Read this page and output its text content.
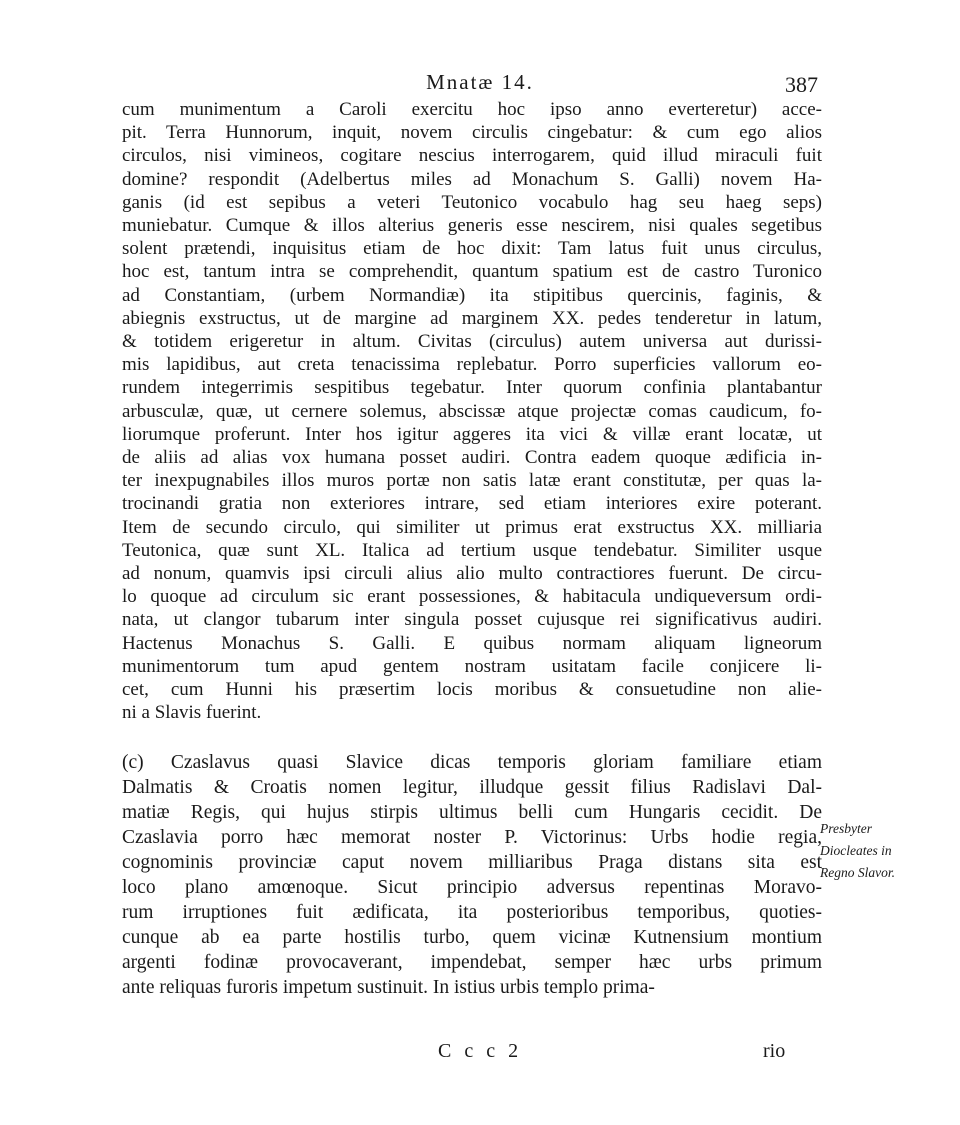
Mnatæ 14.	387
cum munimentum a Caroli exercitu hoc ipso anno everteretur) acce-
pit. Terra Hunnorum, inquit, novem circulis cingebatur: & cum ego alios
circulos, nisi vimineos, cogitare nescius interrogarem, quid illud miraculi fuit
domine? respondit (Adelbertus miles ad Monachum S. Galli) novem Ha-
ganis (id est sepibus a veteri Teutonico vocabulo hag seu haeg seps)
muniebatur. Cumque & illos alterius generis esse nescirem, nisi quales segetibus
solent prætendi, inquisitus etiam de hoc dixit: Tam latus fuit unus circulus,
hoc est, tantum intra se comprehendit, quantum spatium est de castro Turonico
ad Constantiam, (urbem Normandiæ) ita stipitibus quercinis, faginis, &
abiegnis exstructus, ut de margine ad marginem XX. pedes tenderetur in latum,
& totidem erigeretur in altum. Civitas (circulus) autem universa aut durissi-
mis lapidibus, aut creta tenacissima replebatur. Porro superficies vallorum eo-
rundem integerrimis sespitibus tegebatur. Inter quorum confinia plantabantur
arbusculæ, quæ, ut cernere solemus, abscissæ atque projectæ comas caudicum, fo-
liorumque proferunt. Inter hos igitur aggeres ita vici & villæ erant locatæ, ut
de aliis ad alias vox humana posset audiri. Contra eadem quoque ædificia in-
ter inexpugnabiles illos muros portæ non satis latæ erant constitutæ, per quas la-
trocinandi gratia non exteriores intrare, sed etiam interiores exire poterant.
Item de secundo circulo, qui similiter ut primus erat exstructus XX. milliaria
Teutonica, quæ sunt XL. Italica ad tertium usque tendebatur. Similiter usque
ad nonum, quamvis ipsi circuli alius alio multo contractiores fuerunt. De circu-
lo quoque ad circulum sic erant possessiones, & habitacula undiqueversum ordi-
nata, ut clangor tubarum inter singula posset cujusque rei significativus audiri.
Hactenus Monachus S. Galli. E quibus normam aliquam ligneorum
munimentorum tum apud gentem nostram usitatam facile conjicere li-
cet, cum Hunni his præsertim locis moribus & consuetudine non alie-
ni a Slavis fuerint.
(c) Czaslavus quasi Slavice dicas temporis gloriam familiare etiam
Dalmatis & Croatis nomen legitur, illudque gessit filius Radislavi Dal-
matiæ Regis, qui hujus stirpis ultimus belli cum Hungaris cecidit. De
Czaslavia porro hæc memorat noster P. Victorinus: Urbs hodie regia,
cognominis provinciæ caput novem milliaribus Praga distans sita est
loco plano amœnoque. Sicut principio adversus repentinas Moravo-
rum irruptiones fuit ædificata, ita posterioribus temporibus, quoties-
cunque ab ea parte hostilis turbo, quem vicinæ Kutnensium montium
argenti fodinæ provocaverant, impendebat, semper hæc urbs primum
ante reliquas furoris impetum sustinuit. In istius urbis templo prima-
Presbyter
Diocleates in
Regno Slavor.
C c c 2	rio
